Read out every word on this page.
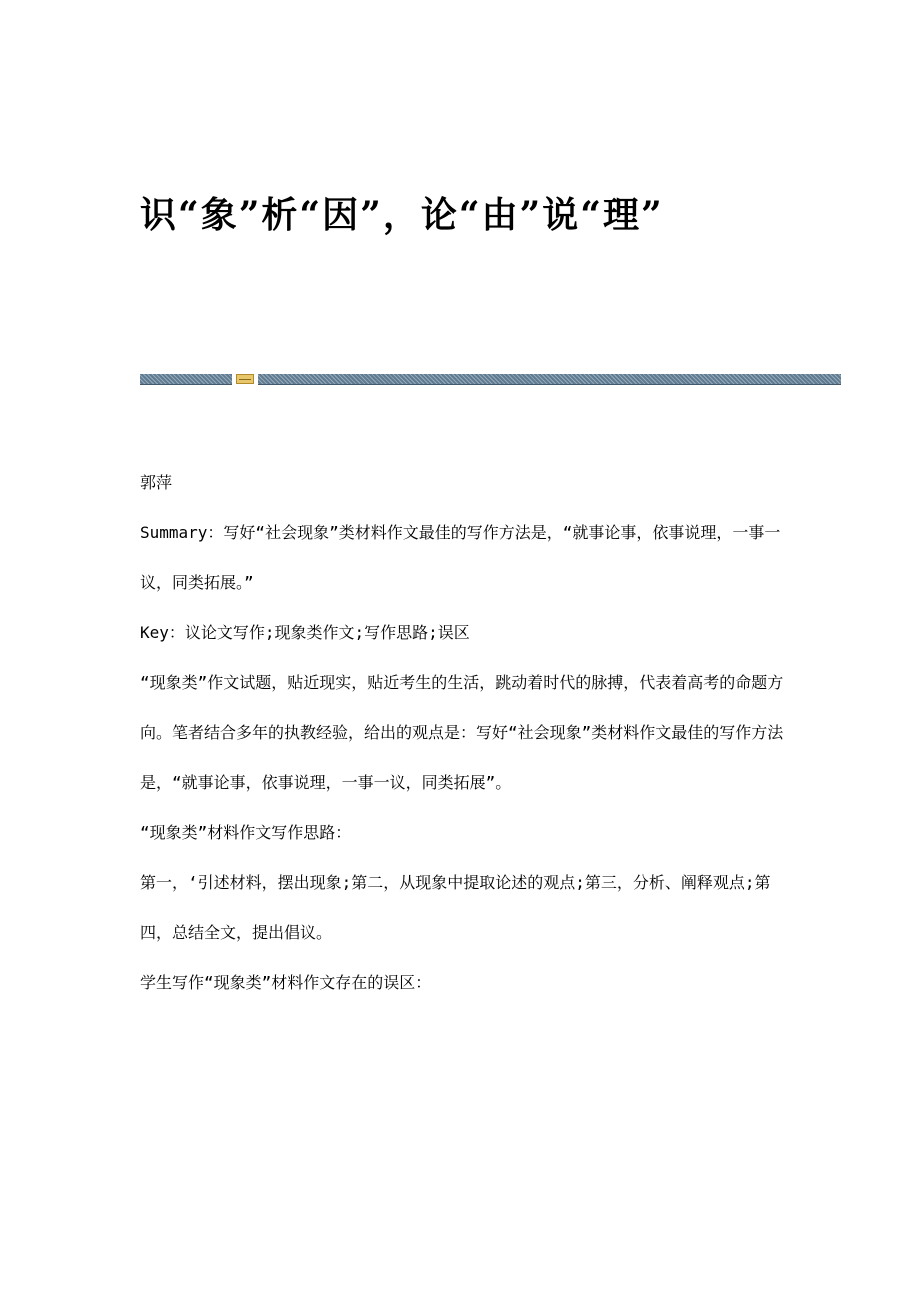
识“象”析“因”，论“由”说“理”

郭萍

Summary：写好“社会现象”类材料作文最佳的写作方法是，“就事论事，依事说理，一事一议，同类拓展。”

Key：议论文写作;现象类作文;写作思路;误区

“现象类”作文试题，贴近现实，贴近考生的生活，跳动着时代的脉搏，代表着高考的命题方向。笔者结合多年的执教经验，给出的观点是：写好“社会现象”类材料作文最佳的写作方法是，“就事论事，依事说理，一事一议，同类拓展”。

“现象类”材料作文写作思路：

第一，‘引述材料，摆出现象;第二，从现象中提取论述的观点;第三，分析、阐释观点;第四，总结全文，提出倡议。

学生写作“现象类”材料作文存在的误区：
